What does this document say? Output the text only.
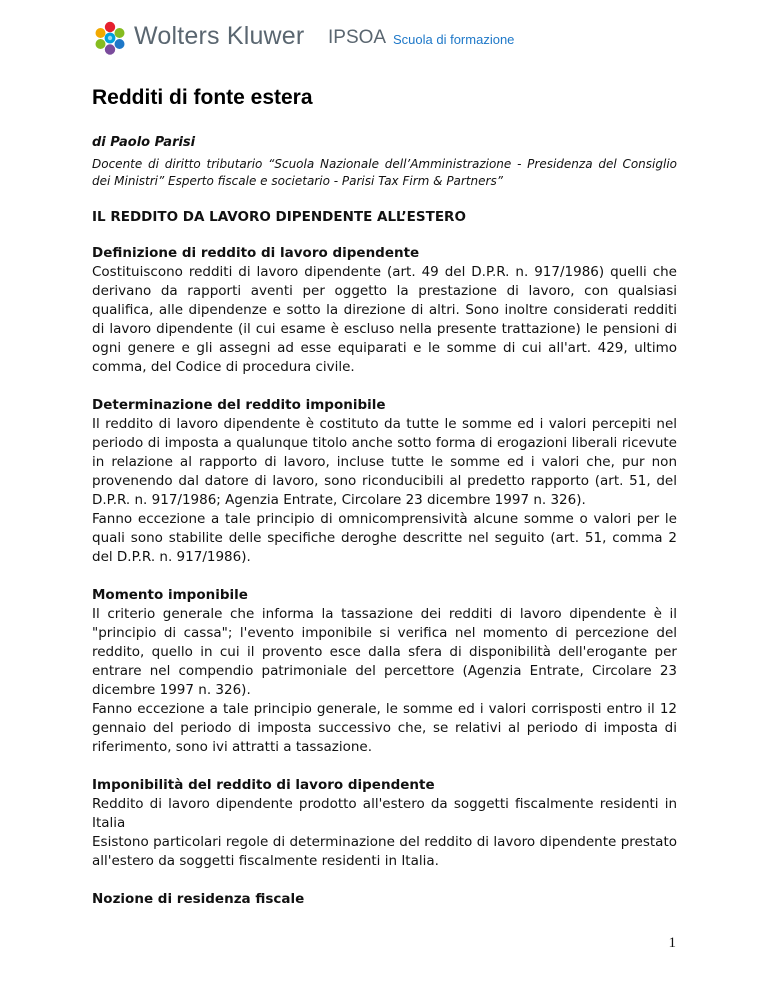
Wolters Kluwer IPSOA Scuola di formazione
Redditi di fonte estera
di Paolo Parisi

Docente di diritto tributario “Scuola Nazionale dell’Amministrazione - Presidenza del Consiglio dei Ministri” Esperto fiscale e societario - Parisi Tax Firm & Partners”

IL REDDITO DA LAVORO DIPENDENTE ALL’ESTERO
Definizione di reddito di lavoro dipendente

Costituiscono redditi di lavoro dipendente (art. 49 del D.P.R. n. 917/1986) quelli che derivano da rapporti aventi per oggetto la prestazione di lavoro, con qualsiasi qualifica, alle dipendenze e sotto la direzione di altri. Sono inoltre considerati redditi di lavoro dipendente (il cui esame è escluso nella presente trattazione) le pensioni di ogni genere e gli assegni ad esse equiparati e le somme di cui all'art. 429, ultimo comma, del Codice di procedura civile.

Determinazione del reddito imponibile

Il reddito di lavoro dipendente è costituto da tutte le somme ed i valori percepiti nel periodo di imposta a qualunque titolo anche sotto forma di erogazioni liberali ricevute in relazione al rapporto di lavoro, incluse tutte le somme ed i valori che, pur non provenendo dal datore di lavoro, sono riconducibili al predetto rapporto (art. 51, del D.P.R. n. 917/1986; Agenzia Entrate, Circolare 23 dicembre 1997 n. 326).

Fanno eccezione a tale principio di omnicomprensività alcune somme o valori per le quali sono stabilite delle specifiche deroghe descritte nel seguito (art. 51, comma 2 del D.P.R. n. 917/1986).

Momento imponibile

Il criterio generale che informa la tassazione dei redditi di lavoro dipendente è il "principio di cassa"; l'evento imponibile si verifica nel momento di percezione del reddito, quello in cui il provento esce dalla sfera di disponibilità dell'erogante per entrare nel compendio patrimoniale del percettore (Agenzia Entrate, Circolare 23 dicembre 1997 n. 326).

Fanno eccezione a tale principio generale, le somme ed i valori corrisposti entro il 12 gennaio del periodo di imposta successivo che, se relativi al periodo di imposta di riferimento, sono ivi attratti a tassazione.

Imponibilità del reddito di lavoro dipendente

Reddito di lavoro dipendente prodotto all'estero da soggetti fiscalmente residenti in Italia

Esistono particolari regole di determinazione del reddito di lavoro dipendente prestato all'estero da soggetti fiscalmente residenti in Italia.

Nozione di residenza fiscale
1
